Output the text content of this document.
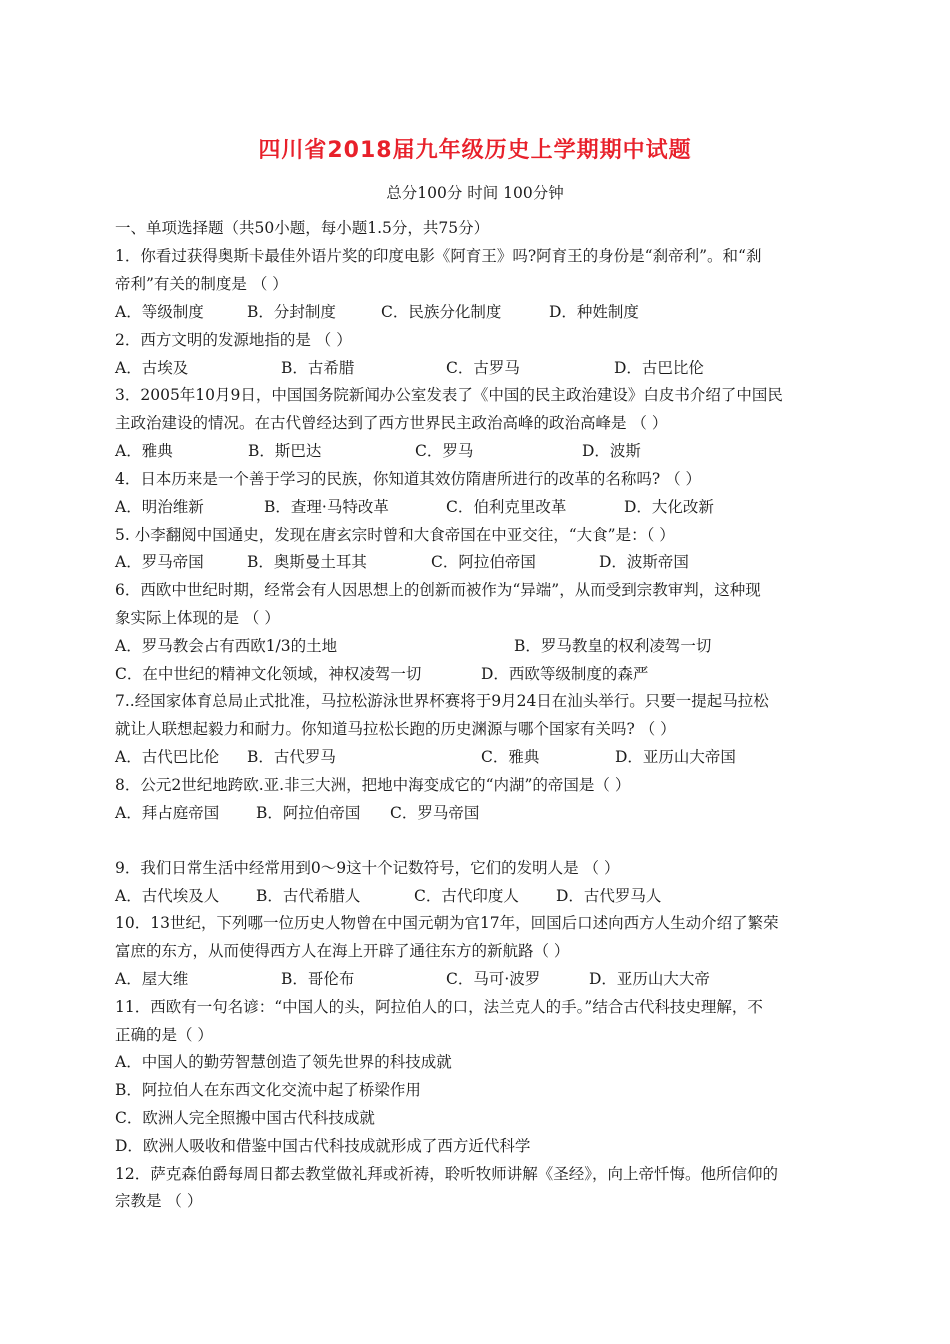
四川省2018届九年级历史上学期期中试题
总分100分 时间 100分钟
一、单项选择题（共50小题，每小题1.5分，共75分）
1．你看过获得奥斯卡最佳外语片奖的印度电影《阿育王》吗?阿育王的身份是“刹帝利”。和“刹
帝利”有关的制度是 （ ）
A．等级制度	B．分封制度	C．民族分化制度	D．种姓制度
2．西方文明的发源地指的是 （ ）
A．古埃及	B．古希腊	C．古罗马	D．古巴比伦
3．2005年10月9日，中国国务院新闻办公室发表了《中国的民主政治建设》白皮书介绍了中国民
主政治建设的情况。在古代曾经达到了西方世界民主政治高峰的政治高峰是 （ ）
A．雅典	B．斯巴达	C．罗马	D．波斯
4．日本历来是一个善于学习的民族，你知道其效仿隋唐所进行的改革的名称吗? （ ）
A．明治维新	B．查理·马特改革	C．伯利克里改革	D．大化改新
5. 小李翻阅中国通史，发现在唐玄宗时曾和大食帝国在中亚交往，“大食”是：（ ）
A．罗马帝国	B．奥斯曼土耳其	C．阿拉伯帝国	D．波斯帝国
6．西欧中世纪时期，经常会有人因思想上的创新而被作为“异端”，从而受到宗教审判，这种现
象实际上体现的是 （ ）
A．罗马教会占有西欧1/3的土地	B．罗马教皇的权利凌驾一切
C．在中世纪的精神文化领域，神权凌驾一切	D．西欧等级制度的森严
7..经国家体育总局止式批准，马拉松游泳世界杯赛将于9月24日在汕头举行。只要一提起马拉松
就让人联想起毅力和耐力。你知道马拉松长跑的历史渊源与哪个国家有关吗? （ ）
A．古代巴比伦 B．古代罗马	C．雅典	D．亚历山大帝国
8．公元2世纪地跨欧.亚.非三大洲，把地中海变成它的“内湖”的帝国是（ ）
A．拜占庭帝国 B．阿拉伯帝国 C．罗马帝国
9．我们日常生活中经常用到0～9这十个记数符号，它们的发明人是 （ ）
A．古代埃及人 B．古代希腊人	C．古代印度人 D．古代罗马人
10．13世纪，下列哪一位历史人物曾在中国元朝为官17年，回国后口述向西方人生动介绍了繁荣
富庶的东方，从而使得西方人在海上开辟了通往东方的新航路（ ）
A．屋大维	B．哥伦布	C．马可·波罗	D．亚历山大大帝
11．西欧有一句名谚：“中国人的头，阿拉伯人的口，法兰克人的手。”结合古代科技史理解，不
正确的是（ ）
A．中国人的勤劳智慧创造了领先世界的科技成就
B．阿拉伯人在东西文化交流中起了桥梁作用
C．欧洲人完全照搬中国古代科技成就
D．欧洲人吸收和借鉴中国古代科技成就形成了西方近代科学
12．萨克森伯爵每周日都去教堂做礼拜或祈祷，聆听牧师讲解《圣经》，向上帝忏悔。他所信仰的
宗教是 （ ）
